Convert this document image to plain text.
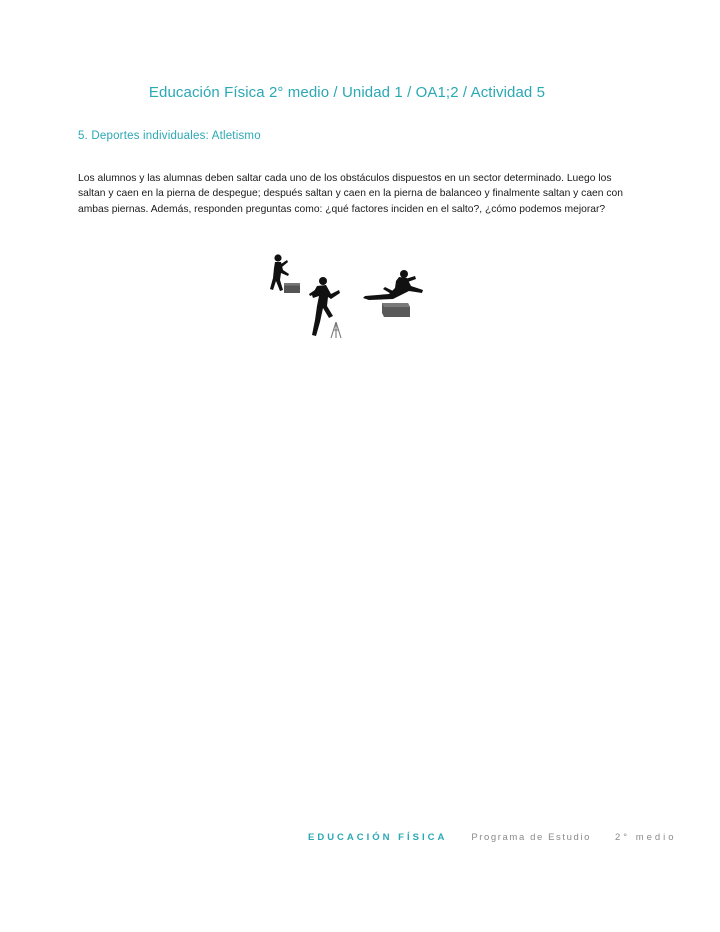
Educación Física 2° medio / Unidad 1 / OA1;2 / Actividad 5
5. Deportes individuales: Atletismo
Los alumnos y las alumnas deben saltar cada uno de los obstáculos dispuestos en un sector determinado. Luego los saltan y caen en la pierna de despegue; después saltan y caen en la pierna de balanceo y finalmente saltan y caen con ambas piernas. Además, responden preguntas como: ¿qué factores inciden en el salto?, ¿cómo podemos mejorar?
EDUCACIÓN FÍSICA	Programa de Estudio	2° medio
